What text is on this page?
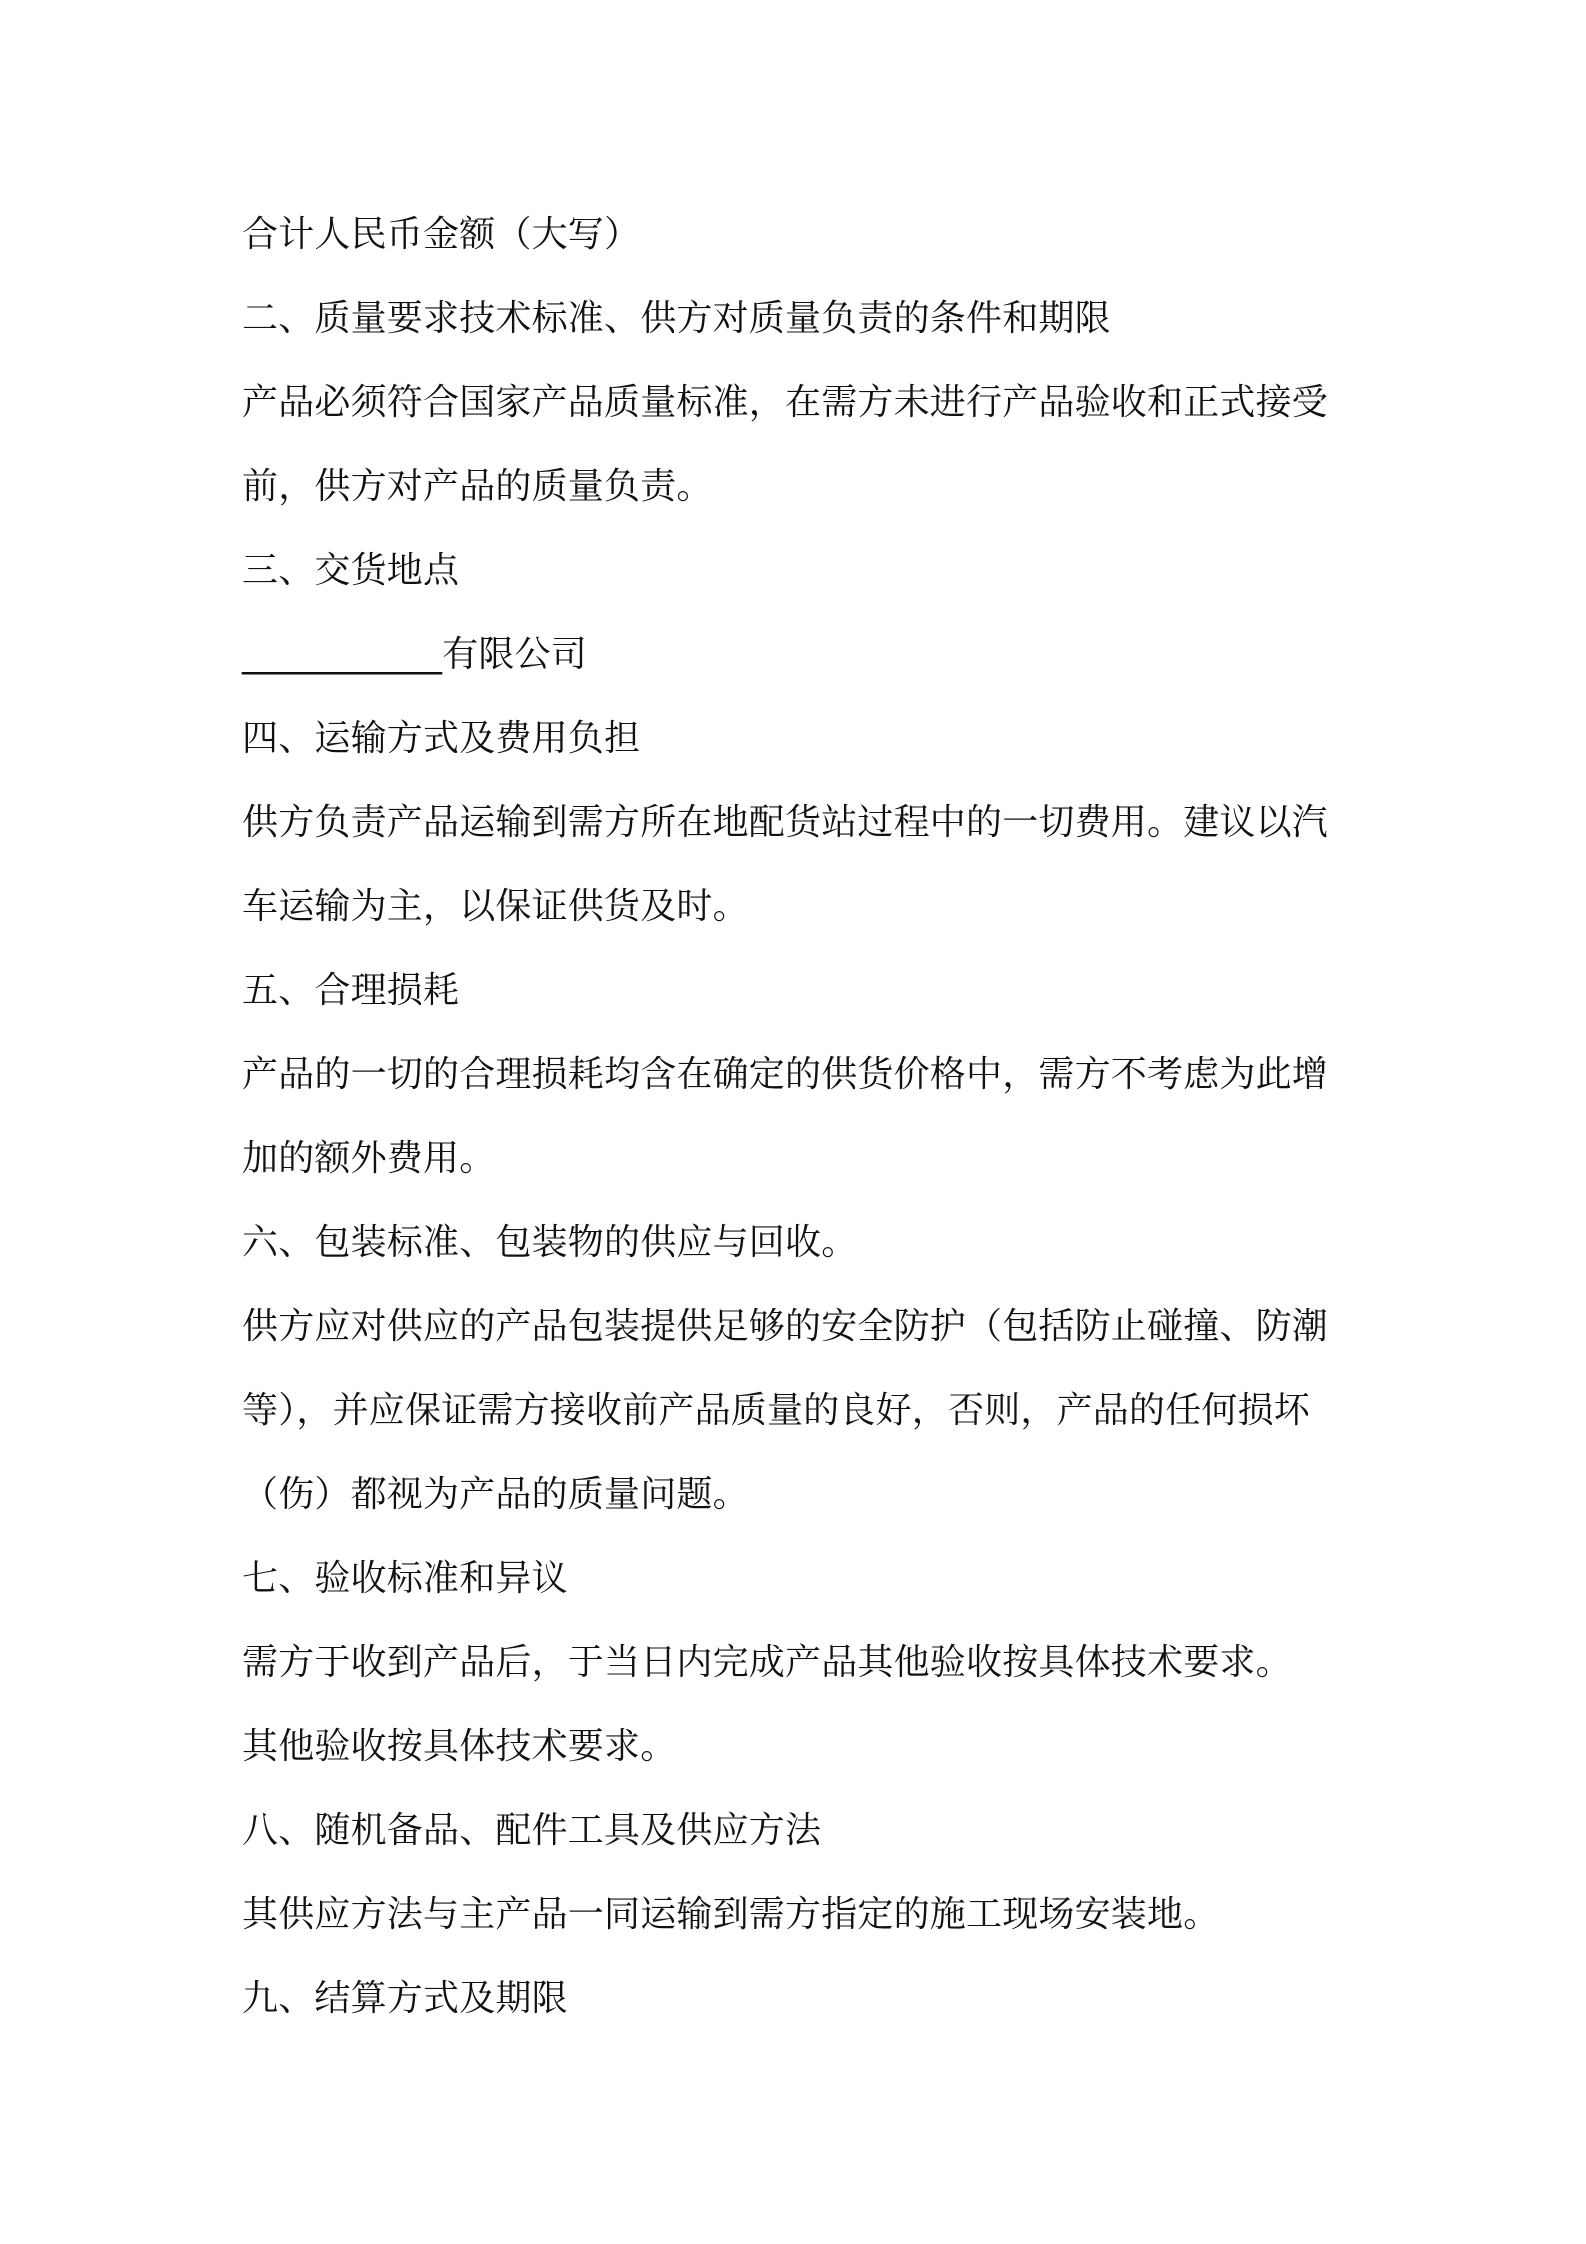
合计人民币金额（大写）
二、质量要求技术标准、供方对质量负责的条件和期限
产品必须符合国家产品质量标准，在需方未进行产品验收和正式接受
前，供方对产品的质量负责。
三、交货地点
___________有限公司
四、运输方式及费用负担
供方负责产品运输到需方所在地配货站过程中的一切费用。建议以汽
车运输为主，以保证供货及时。
五、合理损耗
产品的一切的合理损耗均含在确定的供货价格中，需方不考虑为此增
加的额外费用。
六、包装标准、包装物的供应与回收。
供方应对供应的产品包装提供足够的安全防护（包括防止碰撞、防潮
等），并应保证需方接收前产品质量的良好，否则，产品的任何损坏
（伤）都视为产品的质量问题。
七、验收标准和异议
需方于收到产品后，于当日内完成产品其他验收按具体技术要求。
其他验收按具体技术要求。
八、随机备品、配件工具及供应方法
其供应方法与主产品一同运输到需方指定的施工现场安装地。
九、结算方式及期限
